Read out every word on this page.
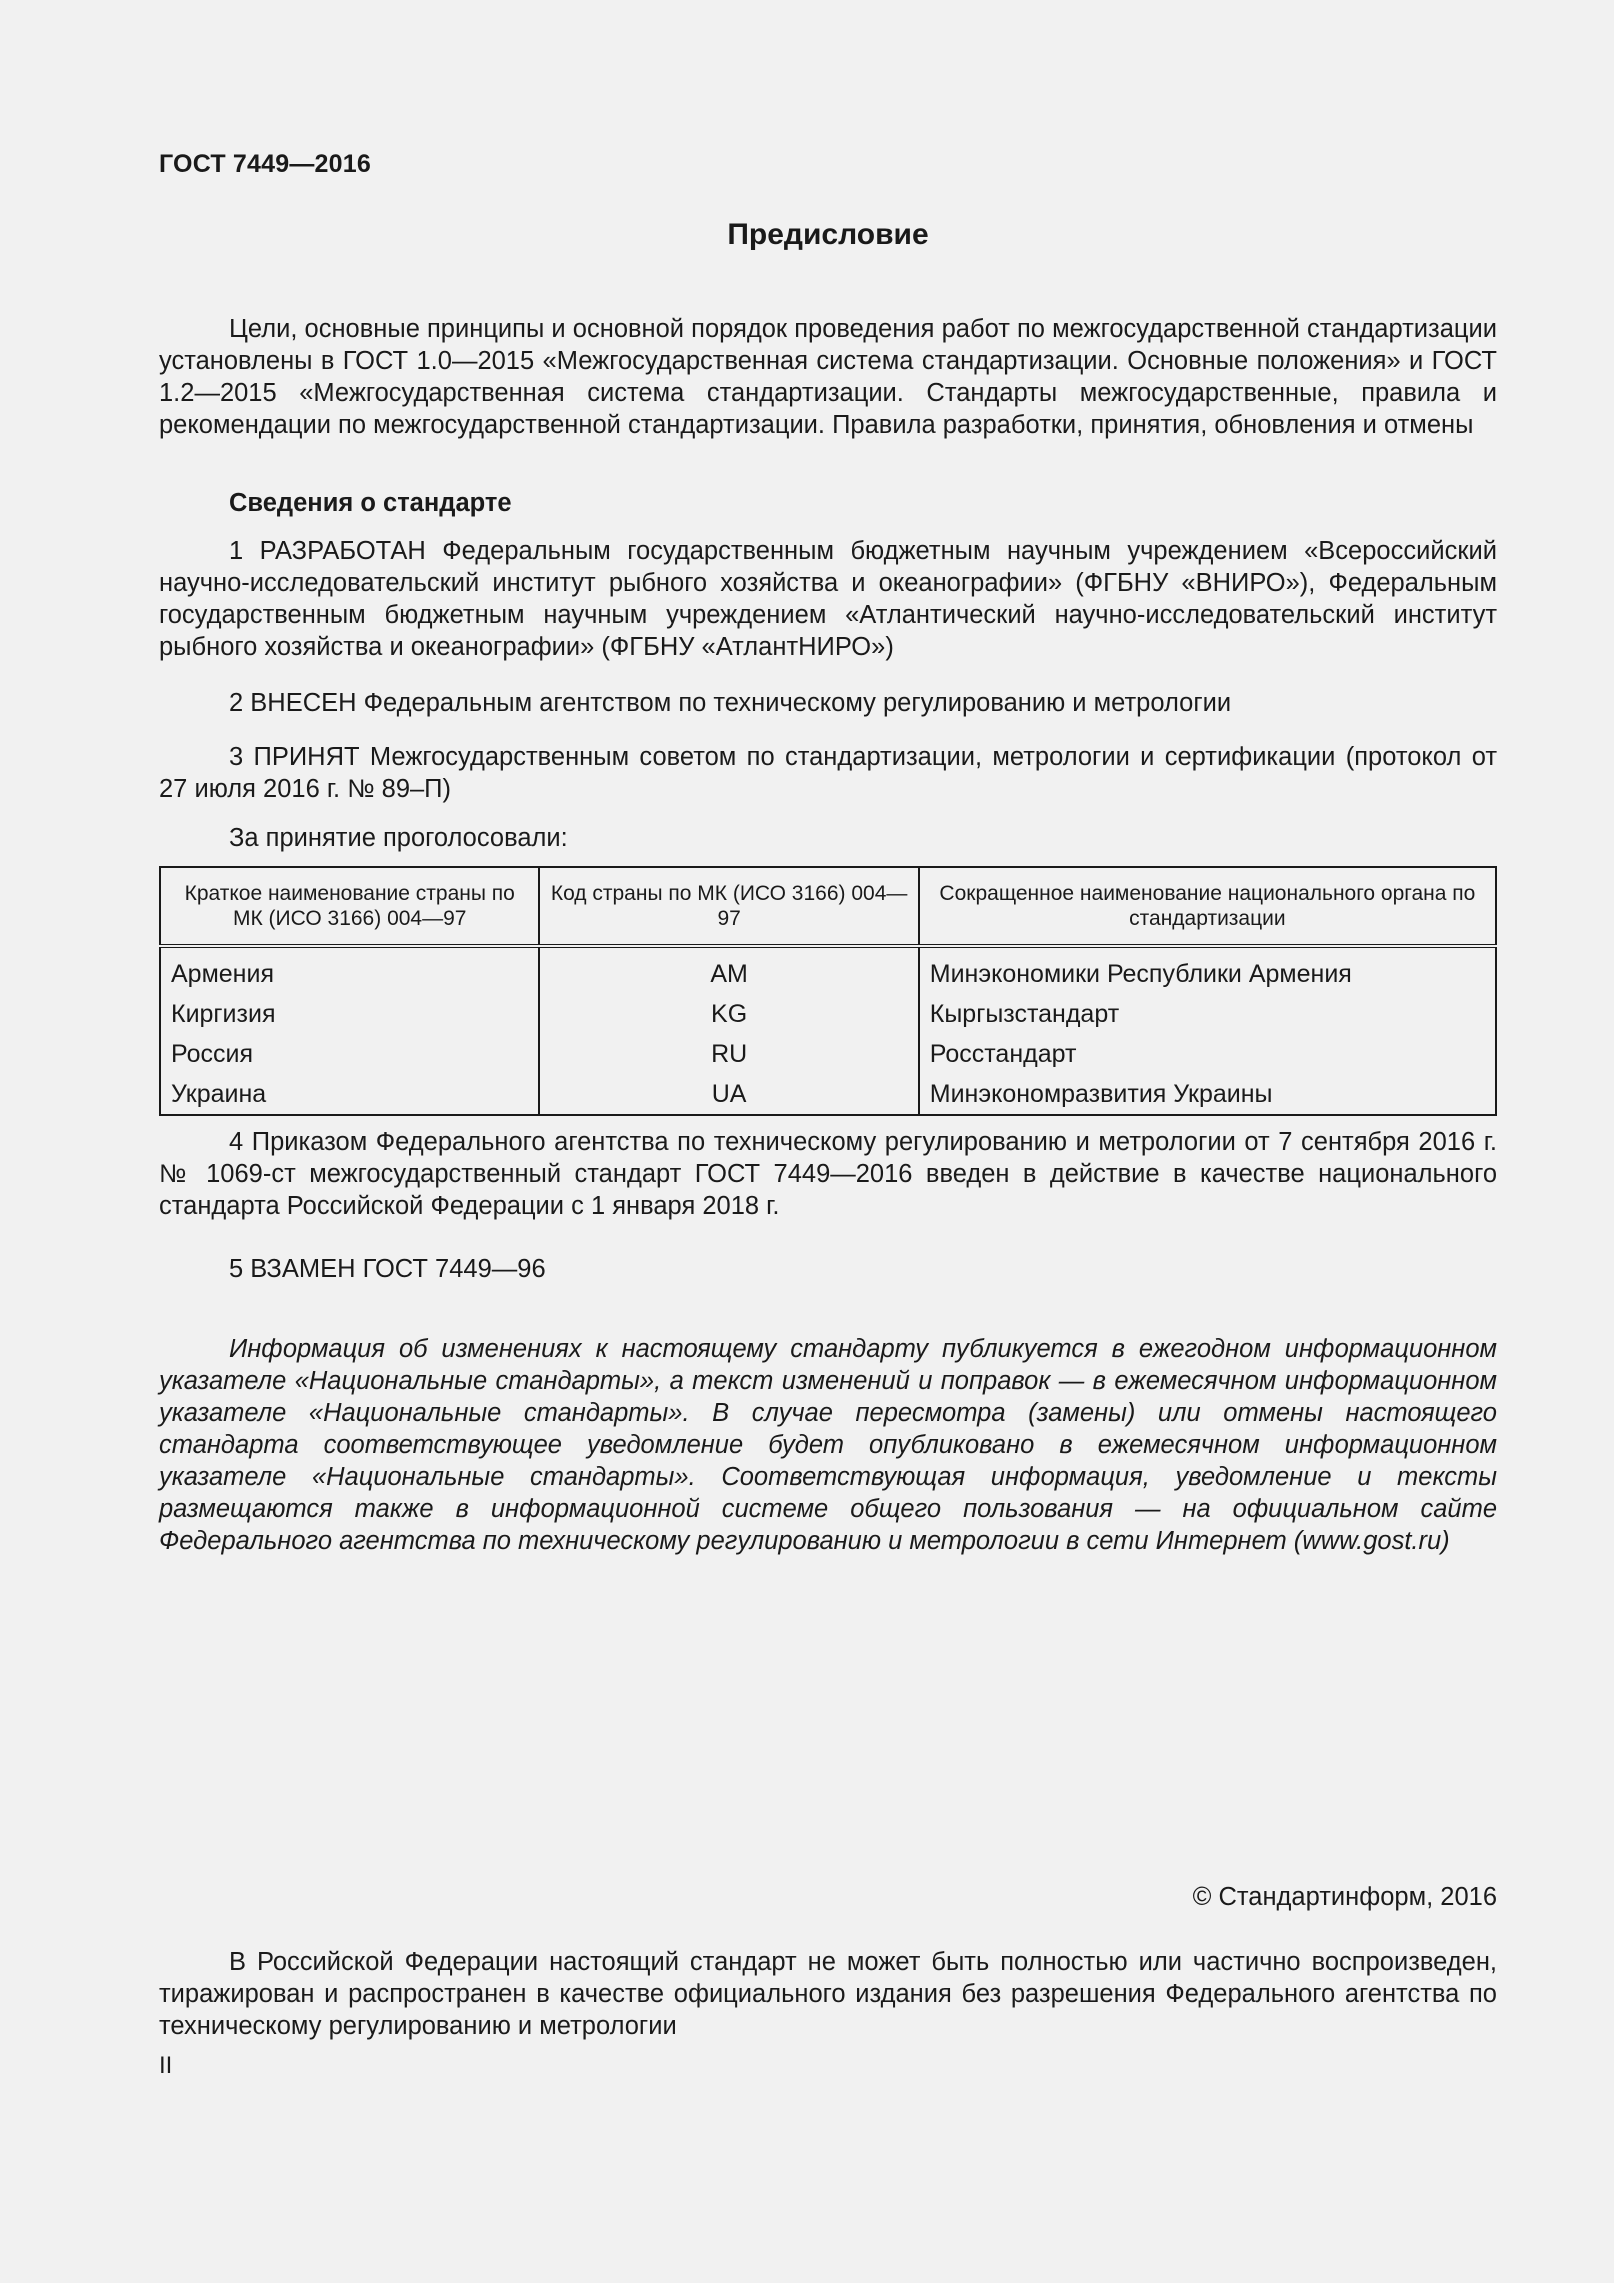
ГОСТ 7449—2016
Предисловие

Цели, основные принципы и основной порядок проведения работ по межгосударственной стандартизации установлены в ГОСТ 1.0—2015 «Межгосударственная система стандартизации. Основные положения» и ГОСТ 1.2—2015 «Межгосударственная система стандартизации. Стандарты межгосударственные, правила и рекомендации по межгосударственной стандартизации. Правила разработки, принятия, обновления и отмены

Сведения о стандарте

1 РАЗРАБОТАН Федеральным государственным бюджетным научным учреждением «Всероссийский научно-исследовательский институт рыбного хозяйства и океанографии» (ФГБНУ «ВНИРО»), Федеральным государственным бюджетным научным учреждением «Атлантический научно-исследовательский институт рыбного хозяйства и океанографии» (ФГБНУ «АтлантНИРО»)

2 ВНЕСЕН Федеральным агентством по техническому регулированию и метрологии

3 ПРИНЯТ Межгосударственным советом по стандартизации, метрологии и сертификации (протокол от 27 июля 2016 г. № 89–П)

За принятие проголосовали:

Краткое наименование страны по МК (ИСО 3166) 004—97	Код страны по МК (ИСО 3166) 004—97	Сокращенное наименование национального органа по стандартизации
Армения	AM	Минэкономики Республики Армения
Киргизия	KG	Кыргызстандарт
Россия	RU	Росстандарт
Украина	UA	Минэкономразвития Украины

4 Приказом Федерального агентства по техническому регулированию и метрологии от 7 сентября 2016 г. № 1069-ст межгосударственный стандарт ГОСТ 7449—2016 введен в действие в качестве национального стандарта Российской Федерации с 1 января 2018 г.

5 ВЗАМЕН ГОСТ 7449—96

Информация об изменениях к настоящему стандарту публикуется в ежегодном информационном указателе «Национальные стандарты», а текст изменений и поправок — в ежемесячном информационном указателе «Национальные стандарты». В случае пересмотра (замены) или отмены настоящего стандарта соответствующее уведомление будет опубликовано в ежемесячном информационном указателе «Национальные стандарты». Соответствующая информация, уведомление и тексты размещаются также в информационной системе общего пользования — на официальном сайте Федерального агентства по техническому регулированию и метрологии в сети Интернет (www.gost.ru)

© Стандартинформ, 2016

В Российской Федерации настоящий стандарт не может быть полностью или частично воспроизведен, тиражирован и распространен в качестве официального издания без разрешения Федерального агентства по техническому регулированию и метрологии

II
